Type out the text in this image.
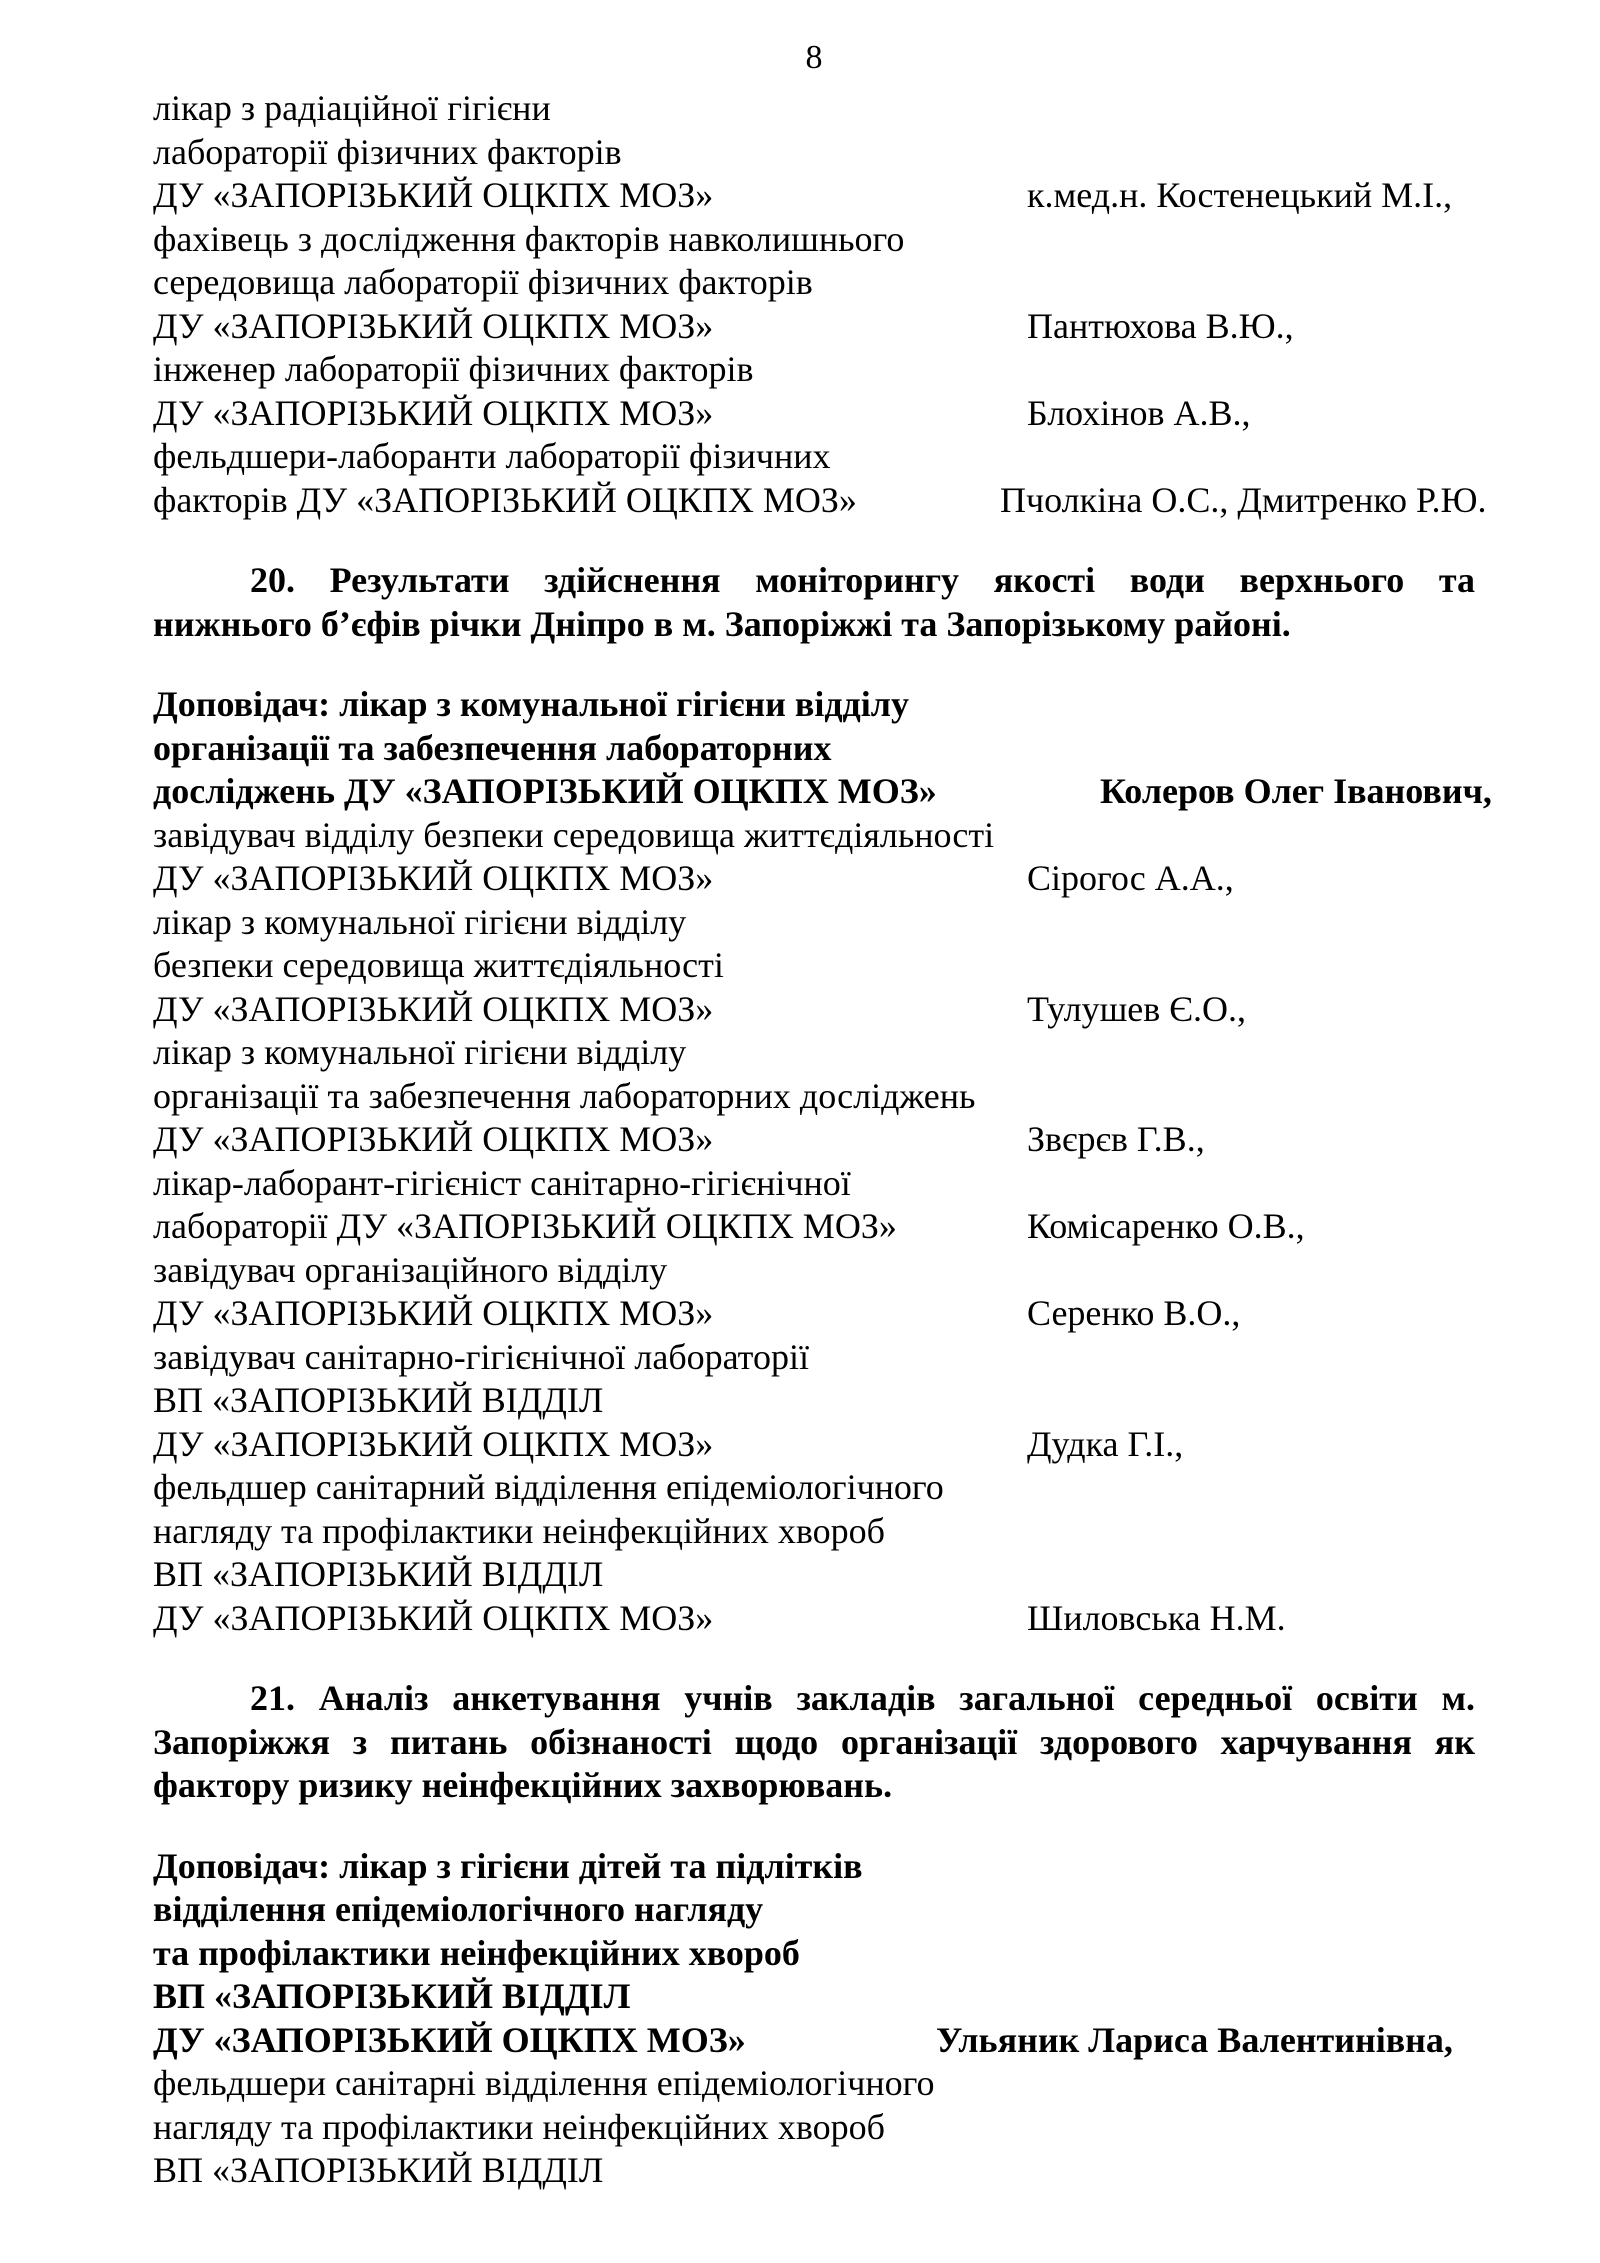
8
лікар з радіаційної гігієни
лабораторії фізичних факторів
ДУ «ЗАПОРІЗЬКИЙ ОЦКПХ МОЗ»	к.мед.н. Костенецький М.І.,
фахівець з дослідження факторів навколишнього
середовища лабораторії фізичних факторів
ДУ «ЗАПОРІЗЬКИЙ ОЦКПХ МОЗ»	Пантюхова В.Ю.,
інженер лабораторії фізичних факторів
ДУ «ЗАПОРІЗЬКИЙ ОЦКПХ МОЗ»	Блохінов А.В.,
фельдшери-лаборанти лабораторії фізичних
факторів ДУ «ЗАПОРІЗЬКИЙ ОЦКПХ МОЗ»	Пчолкіна О.С., Дмитренко Р.Ю.
20. Результати здійснення моніторингу якості води верхнього та
нижнього б’єфів річки Дніпро в м. Запоріжжі та Запорізькому районі.
Доповідач: лікар з комунальної гігієни відділу
організації та забезпечення лабораторних
досліджень ДУ «ЗАПОРІЗЬКИЙ ОЦКПХ МОЗ»	Колеров Олег Іванович,
завідувач відділу безпеки середовища життєдіяльності
ДУ «ЗАПОРІЗЬКИЙ ОЦКПХ МОЗ»	Сірогос А.А.,
лікар з комунальної гігієни відділу
безпеки середовища життєдіяльності
ДУ «ЗАПОРІЗЬКИЙ ОЦКПХ МОЗ»	Тулушев Є.О.,
лікар з комунальної гігієни відділу
організації та забезпечення лабораторних досліджень
ДУ «ЗАПОРІЗЬКИЙ ОЦКПХ МОЗ»	Звєрєв Г.В.,
лікар-лаборант-гігієніст санітарно-гігієнічної
лабораторії ДУ «ЗАПОРІЗЬКИЙ ОЦКПХ МОЗ»	Комісаренко О.В.,
завідувач організаційного відділу
ДУ «ЗАПОРІЗЬКИЙ ОЦКПХ МОЗ»	Серенко В.О.,
завідувач санітарно-гігієнічної лабораторії
ВП «ЗАПОРІЗЬКИЙ ВІДДІЛ
ДУ «ЗАПОРІЗЬКИЙ ОЦКПХ МОЗ»	Дудка Г.І.,
фельдшер санітарний відділення епідеміологічного
нагляду та профілактики неінфекційних хвороб
ВП «ЗАПОРІЗЬКИЙ ВІДДІЛ
ДУ «ЗАПОРІЗЬКИЙ ОЦКПХ МОЗ»	Шиловська Н.М.
21. Аналіз анкетування учнів закладів загальної середньої освіти м.
Запоріжжя з питань обізнаності щодо організації здорового харчування як
фактору ризику неінфекційних захворювань.
Доповідач: лікар з гігієни дітей та підлітків
відділення епідеміологічного нагляду
та профілактики неінфекційних хвороб
ВП «ЗАПОРІЗЬКИЙ ВІДДІЛ
ДУ «ЗАПОРІЗЬКИЙ ОЦКПХ МОЗ»	Ульяник Лариса Валентинівна,
фельдшери санітарні відділення епідеміологічного
нагляду та профілактики неінфекційних хвороб
ВП «ЗАПОРІЗЬКИЙ ВІДДІЛ
